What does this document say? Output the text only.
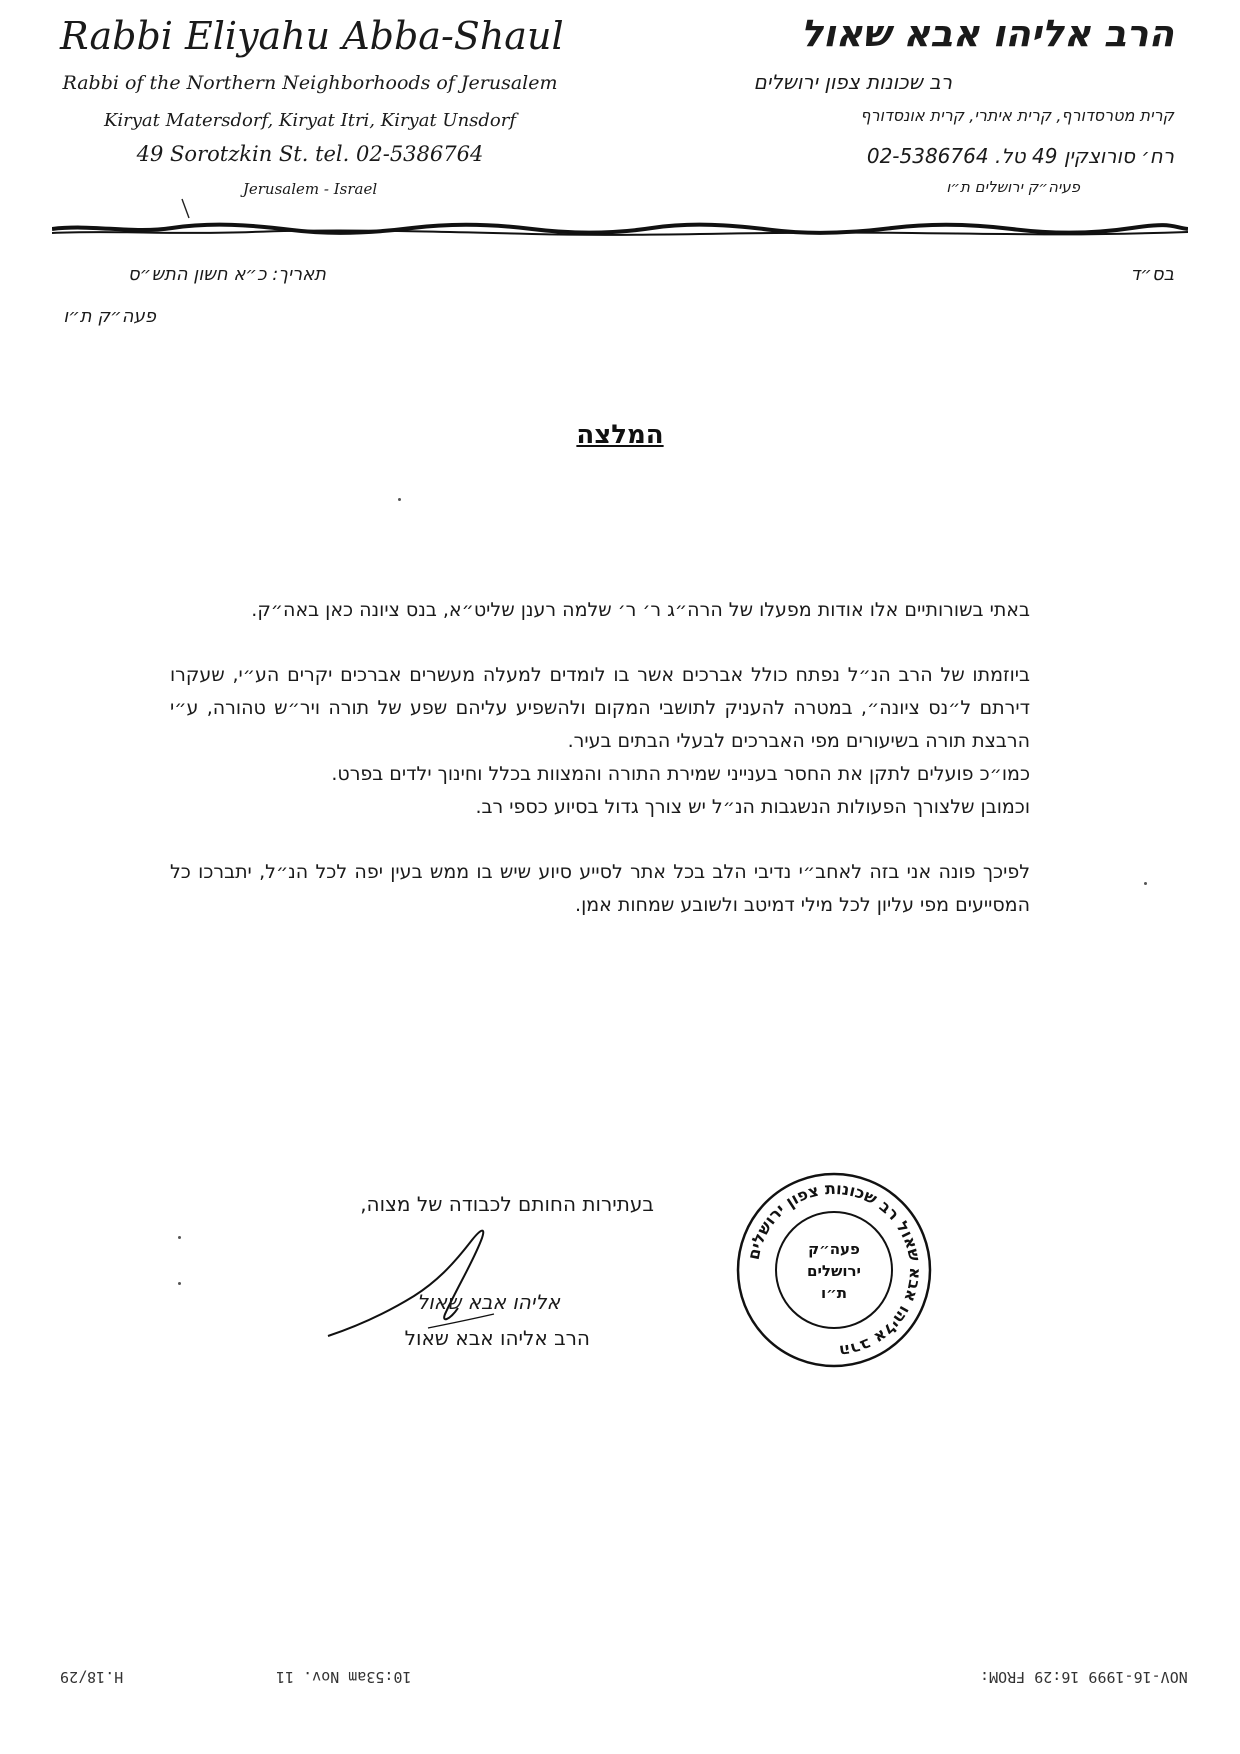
Rabbi Eliyahu Abba-Shaul
Rabbi of the Northern Neighborhoods of Jerusalem
Kiryat Matersdorf, Kiryat Itri, Kiryat Unsdorf
49 Sorotzkin St. tel. 02-5386764
Jerusalem - Israel
הרב אליהו אבא שאול
רב שכונות צפון ירושלים
קרית מטרסדורף, קרית איתרי, קרית אונסדורף
רח׳ סורוצקין 49 טל. 02-5386764
פעיה״ק ירושלים ת״ו
תאריך: כ״א חשון התש״ס
פעה״ק ת״ו
בס״ד
המלצה

באתי בשורותיים אלו אודות מפעלו של הרה״ג ר׳ ר׳ שלמה רענן שליט״א, בנס ציונה כאן באה״ק.

ביוזמתו של הרב הנ״ל נפתח כולל אברכים אשר בו לומדים למעלה מעשרים אברכים יקרים הע״י, שעקרו דירתם ל״נס ציונה״, במטרה להעניק לתושבי המקום ולהשפיע עליהם שפע של תורה ויר״ש טהורה, ע״י הרבצת תורה בשיעורים מפי האברכים לבעלי הבתים בעיר.

כמו״כ פועלים לתקן את החסר בענייני שמירת התורה והמצוות בכלל וחינוך ילדים בפרט.

וכמובן שלצורך הפעולות הנשגבות הנ״ל יש צורך גדול בסיוע כספי רב.

לפיכך פונה אני בזה לאחב״י נדיבי הלב בכל אתר לסייע סיוע שיש בו ממש בעין יפה לכל הנ״ל, יתברכו כל המסייעים מפי עליון לכל מילי דמיטב ולשובע שמחות אמן.

בעתירות החותם לכבודה של מצוה,
אליהו אבא שאול
הרב אליהו אבא שאול
הרב אליהו אבא שאול רב שכונות צפון ירושלים
פעה״ק
ירושלים
ת״ו
H.18/29	10:53am Nov. 11	NOV-16-1999 16:29 FROM:
